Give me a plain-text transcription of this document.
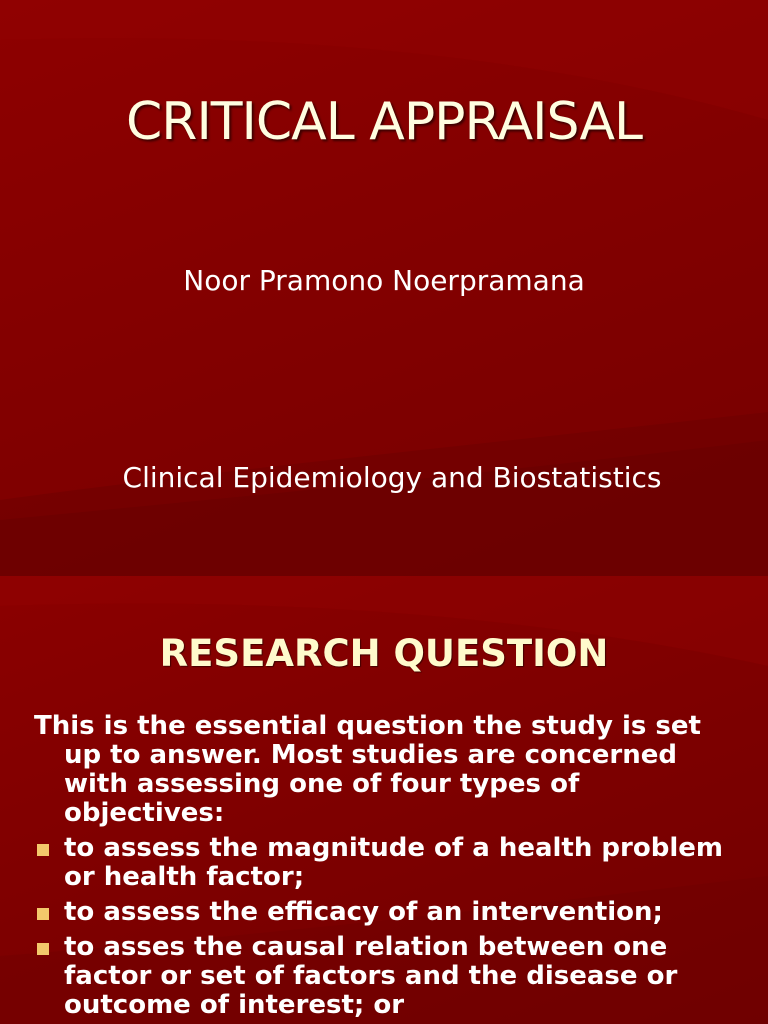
CRITICAL APPRAISAL

Noor Pramono Noerpramana

Clinical Epidemiology and Biostatistics

RESEARCH QUESTION

This is the essential question the study is set up to answer. Most studies are concerned with assessing one of four types of objectives:

to assess the magnitude of a health problem or health factor;
to assess the efficacy of an intervention;
to asses the causal relation between one factor or set of factors and the disease or outcome of interest; or
